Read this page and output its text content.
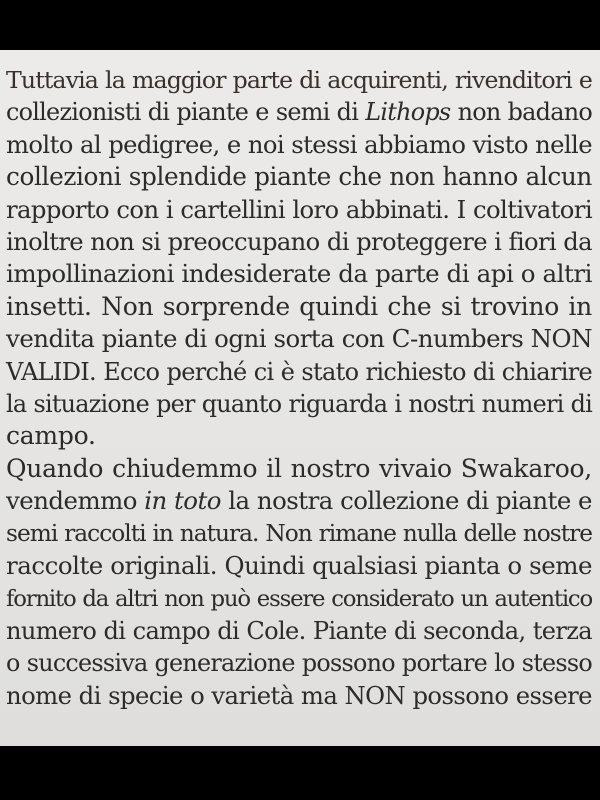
Tuttavia la maggior parte di acquirenti, rivenditori e
collezionisti di piante e semi di Lithops non badano
molto al pedigree, e noi stessi abbiamo visto nelle
collezioni splendide piante che non hanno alcun
rapporto con i cartellini loro abbinati. I coltivatori
inoltre non si preoccupano di proteggere i fiori da
impollinazioni indesiderate da parte di api o altri
insetti. Non sorprende quindi che si trovino in
vendita piante di ogni sorta con C-numbers NON
VALIDI. Ecco perché ci è stato richiesto di chiarire
la situazione per quanto riguarda i nostri numeri di
campo.

Quando chiudemmo il nostro vivaio Swakaroo,
vendemmo in toto la nostra collezione di piante e
semi raccolti in natura. Non rimane nulla delle nostre
raccolte originali. Quindi qualsiasi pianta o seme
fornito da altri non può essere considerato un autentico
numero di campo di Cole. Piante di seconda, terza
o successiva generazione possono portare lo stesso
nome di specie o varietà ma NON possono essere
